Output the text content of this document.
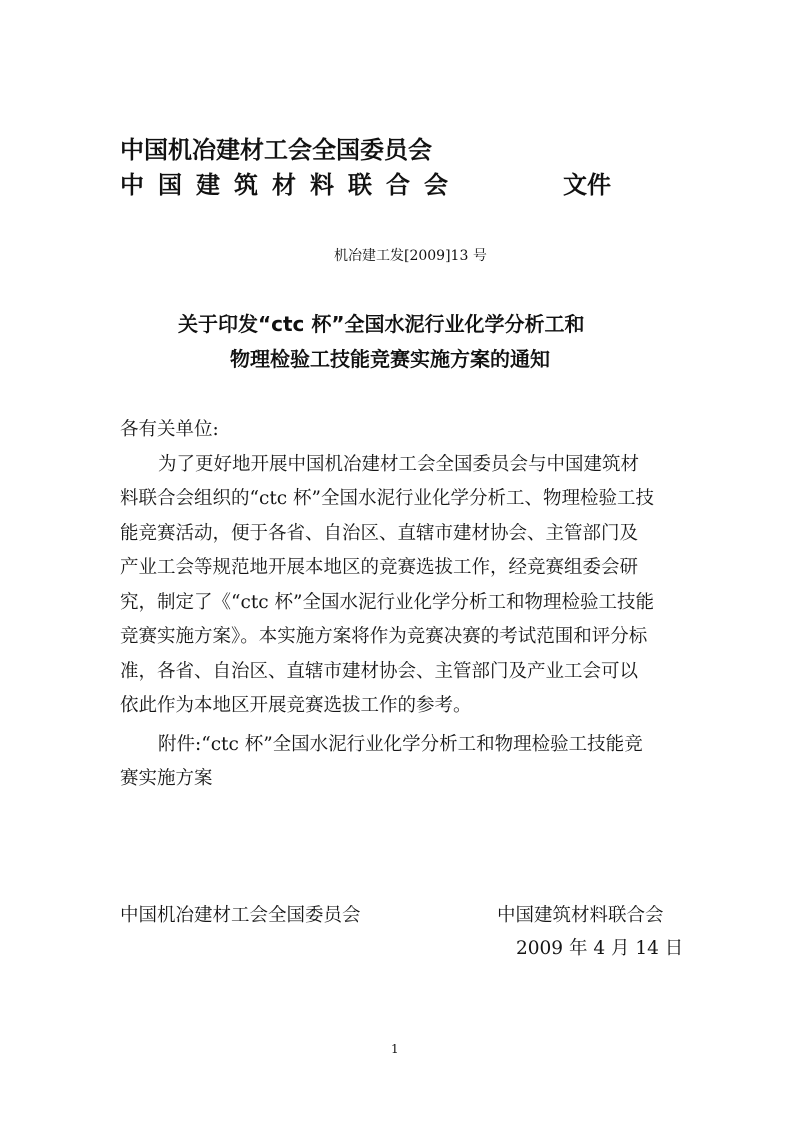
中国机冶建材工会全国委员会
中国建筑材料联合会	文件
机冶建工发[2009]13 号
关于印发“ctc 杯”全国水泥行业化学分析工和
物理检验工技能竞赛实施方案的通知
各有关单位:
为了更好地开展中国机冶建材工会全国委员会与中国建筑材
料联合会组织的“ctc 杯”全国水泥行业化学分析工、物理检验工技
能竞赛活动，便于各省、自治区、直辖市建材协会、主管部门及
产业工会等规范地开展本地区的竞赛选拔工作，经竞赛组委会研
究，制定了《“ctc 杯”全国水泥行业化学分析工和物理检验工技能
竞赛实施方案》。本实施方案将作为竞赛决赛的考试范围和评分标
准，各省、自治区、直辖市建材协会、主管部门及产业工会可以
依此作为本地区开展竞赛选拔工作的参考。
附件:“ctc 杯”全国水泥行业化学分析工和物理检验工技能竞
赛实施方案
中国机冶建材工会全国委员会	中国建筑材料联合会
2009 年 4 月 14 日
1
